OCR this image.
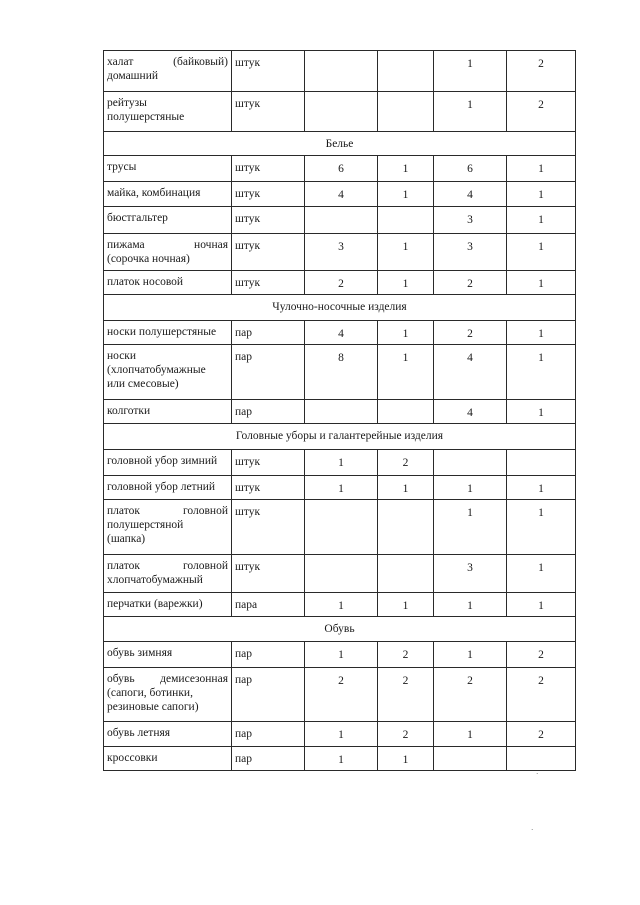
халат (байковый)
домашний	штук			1	2

рейтузы
полушерстяные	штук			1	2
Белье					

трусы	штук	6	1	6	1

майка, комбинация	штук	4	1	4	1

бюстгальтер	штук			3	1

пижама ночная
(сорочка ночная)	штук	3	1	3	1

платок носовой	штук	2	1	2	1
Чулочно-носочные изделия					

носки полушерстяные	пар	4	1	2	1

носки
(хлопчатобумажные
или смесовые)	пар	8	1	4	1

колготки	пар			4	1
Головные уборы и галантерейные изделия					

головной убор зимний	штук	1	2		

головной убор летний	штук	1	1	1	1

платок головной
полушерстяной
(шапка)	штук			1	1

платок головной
хлопчатобумажный	штук			3	1

перчатки (варежки)	пара	1	1	1	1
Обувь					

обувь зимняя	пар	1	2	1	2

обувь демисезонная
(сапоги, ботинки,
резиновые сапоги)	пар	2	2	2	2

обувь летняя	пар	1	2	1	2

кроссовки	пар	1	1		
·
·
